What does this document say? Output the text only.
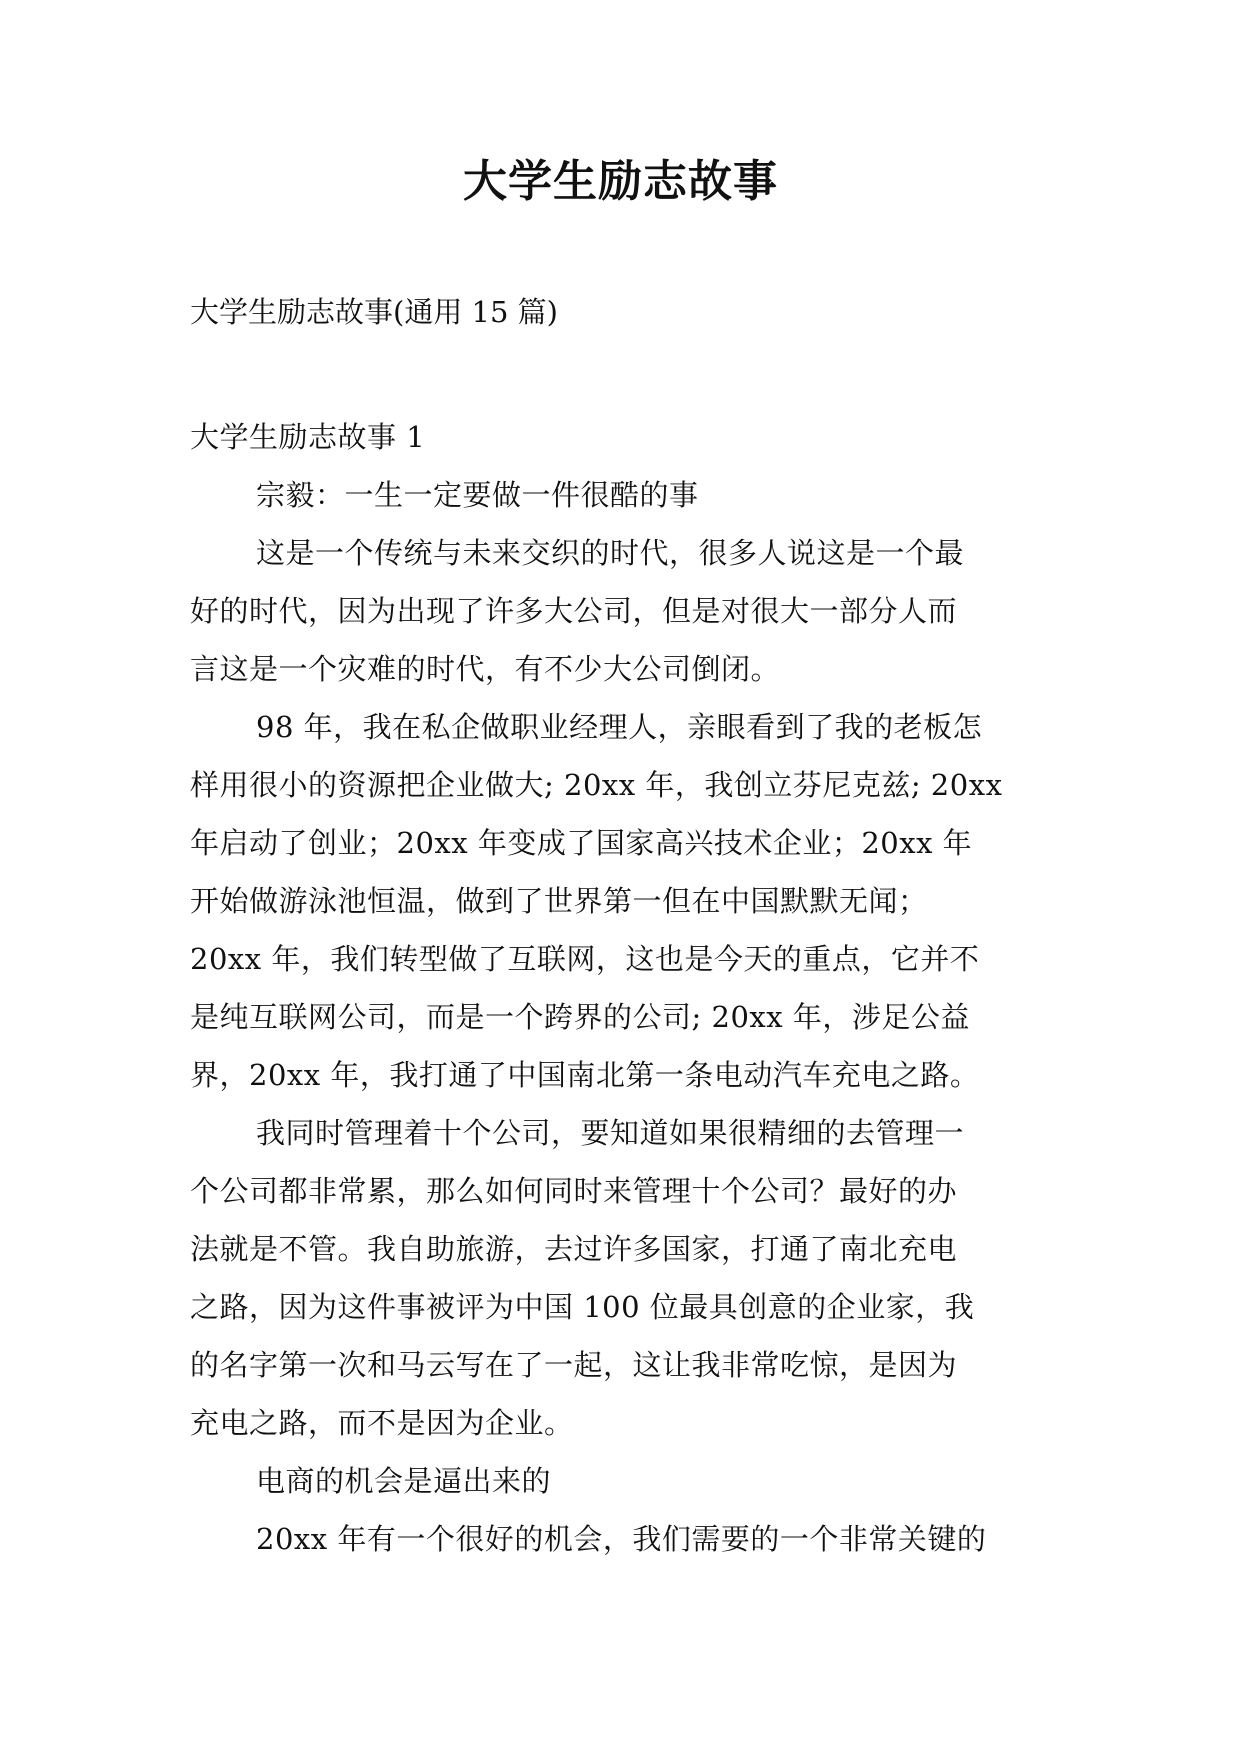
大学生励志故事
大学生励志故事(通用 15 篇)
大学生励志故事 1
宗毅：一生一定要做一件很酷的事
这是一个传统与未来交织的时代，很多人说这是一个最
好的时代，因为出现了许多大公司，但是对很大一部分人而
言这是一个灾难的时代，有不少大公司倒闭。
98 年，我在私企做职业经理人，亲眼看到了我的老板怎
样用很小的资源把企业做大; 20xx 年，我创立芬尼克兹; 20xx
年启动了创业；20xx 年变成了国家高兴技术企业；20xx 年
开始做游泳池恒温，做到了世界第一但在中国默默无闻；
20xx 年，我们转型做了互联网，这也是今天的重点，它并不
是纯互联网公司，而是一个跨界的公司; 20xx 年，涉足公益
界，20xx 年，我打通了中国南北第一条电动汽车充电之路。
我同时管理着十个公司，要知道如果很精细的去管理一
个公司都非常累，那么如何同时来管理十个公司？最好的办
法就是不管。我自助旅游，去过许多国家，打通了南北充电
之路，因为这件事被评为中国 100 位最具创意的企业家，我
的名字第一次和马云写在了一起，这让我非常吃惊，是因为
充电之路，而不是因为企业。
电商的机会是逼出来的
20xx 年有一个很好的机会，我们需要的一个非常关键的
